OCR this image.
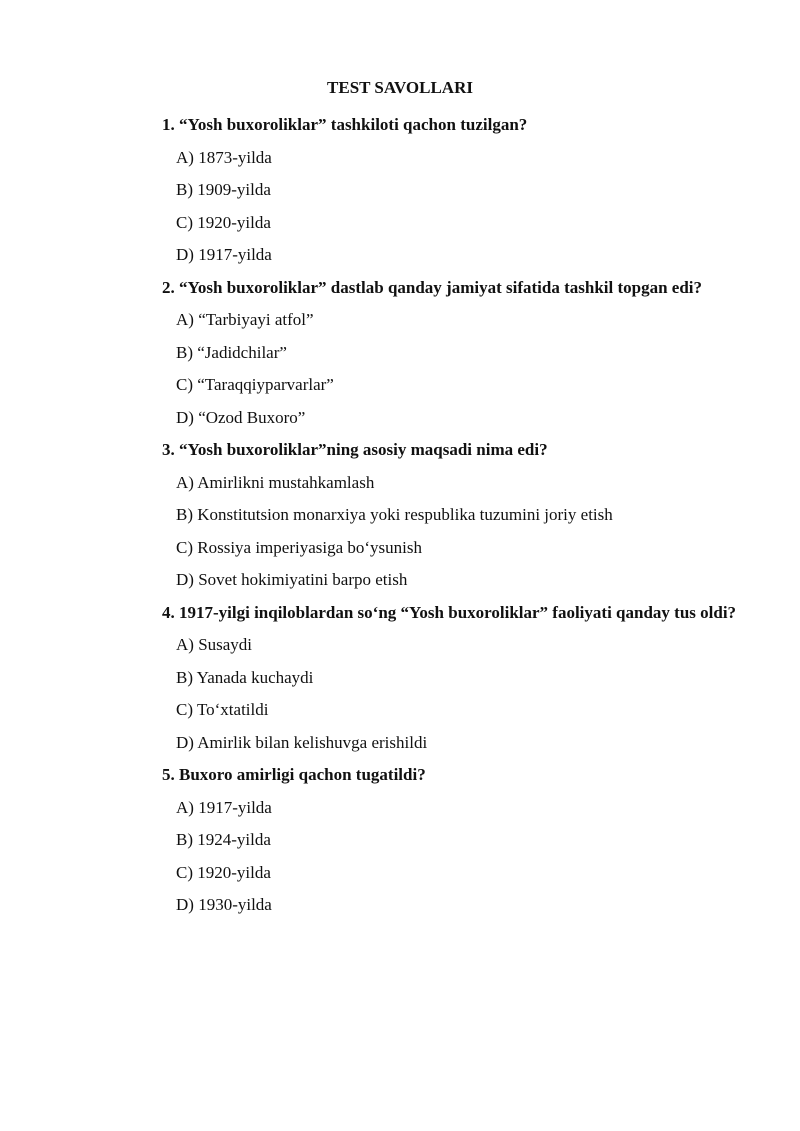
TEST SAVOLLARI

1. “Yosh buxoroliklar” tashkiloti qachon tuzilgan?

A) 1873-yilda

B) 1909-yilda

C) 1920-yilda

D) 1917-yilda

2. “Yosh buxoroliklar” dastlab qanday jamiyat sifatida tashkil topgan edi?

A) “Tarbiyayi atfol”

B) “Jadidchilar”

C) “Taraqqiyparvarlar”

D) “Ozod Buxoro”

3. “Yosh buxoroliklar”ning asosiy maqsadi nima edi?

A) Amirlikni mustahkamlash

B) Konstitutsion monarxiya yoki respublika tuzumini joriy etish

C) Rossiya imperiyasiga bo‘ysunish

D) Sovet hokimiyatini barpo etish

4. 1917-yilgi inqiloblardan so‘ng “Yosh buxoroliklar” faoliyati qanday tus oldi?

A) Susaydi

B) Yanada kuchaydi

C) To‘xtatildi

D) Amirlik bilan kelishuvga erishildi

5. Buxoro amirligi qachon tugatildi?

A) 1917-yilda

B) 1924-yilda

C) 1920-yilda

D) 1930-yilda
